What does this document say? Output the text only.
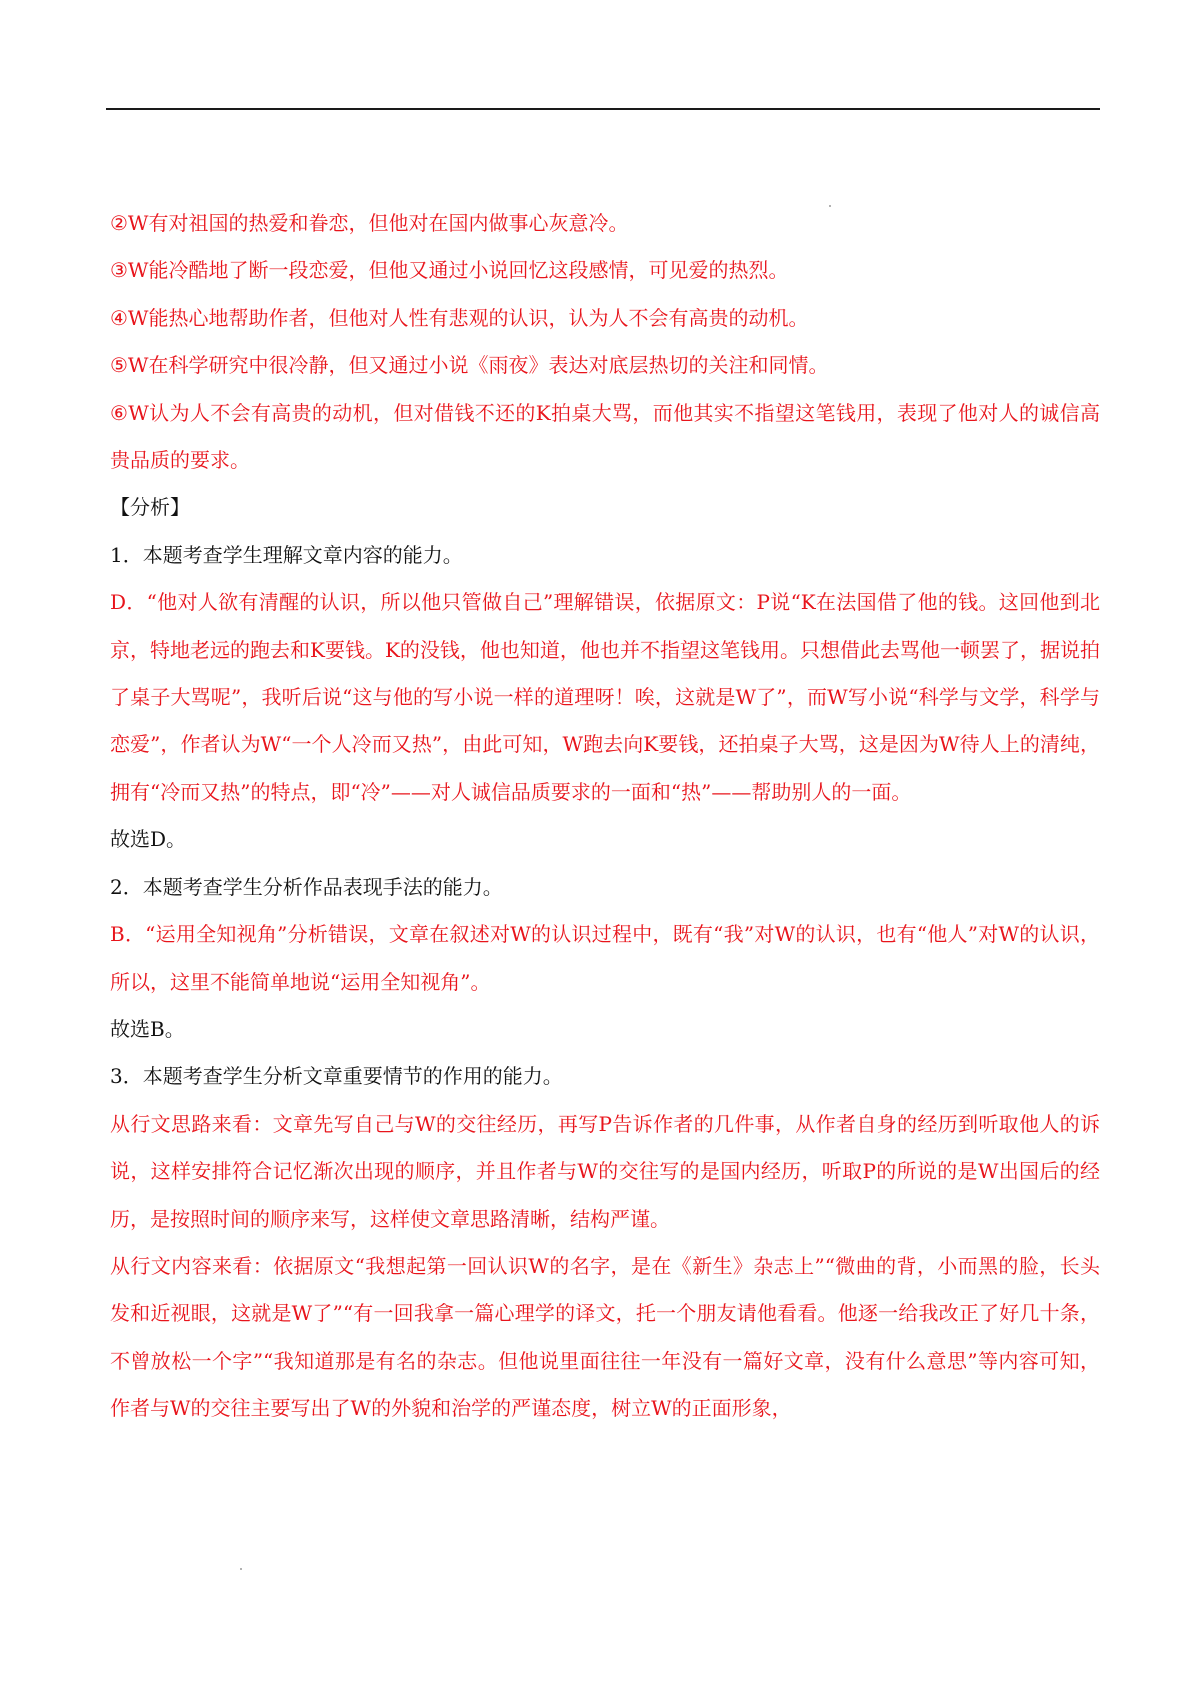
②W有对祖国的热爱和眷恋，但他对在国内做事心灰意冷。

③W能冷酷地了断一段恋爱，但他又通过小说回忆这段感情，可见爱的热烈。

④W能热心地帮助作者，但他对人性有悲观的认识，认为人不会有高贵的动机。

⑤W在科学研究中很冷静，但又通过小说《雨夜》表达对底层热切的关注和同情。

⑥W认为人不会有高贵的动机，但对借钱不还的K拍桌大骂，而他其实不指望这笔钱用，表现了他对人的诚信高贵品质的要求。

【分析】

1．本题考查学生理解文章内容的能力。

D．“他对人欲有清醒的认识，所以他只管做自己”理解错误，依据原文：P说“K在法国借了他的钱。这回他到北京，特地老远的跑去和K要钱。K的没钱，他也知道，他也并不指望这笔钱用。只想借此去骂他一顿罢了，据说拍了桌子大骂呢”，我听后说“这与他的写小说一样的道理呀！唉，这就是W了”，而W写小说“科学与文学，科学与恋爱”，作者认为W“一个人冷而又热”，由此可知，W跑去向K要钱，还拍桌子大骂，这是因为W待人上的清纯，拥有“冷而又热”的特点，即“冷”——对人诚信品质要求的一面和“热”——帮助别人的一面。

故选D。

2．本题考查学生分析作品表现手法的能力。

B．“运用全知视角”分析错误，文章在叙述对W的认识过程中，既有“我”对W的认识，也有“他人”对W的认识，所以，这里不能简单地说“运用全知视角”。

故选B。

3．本题考查学生分析文章重要情节的作用的能力。

从行文思路来看：文章先写自己与W的交往经历，再写P告诉作者的几件事，从作者自身的经历到听取他人的诉说，这样安排符合记忆渐次出现的顺序，并且作者与W的交往写的是国内经历，听取P的所说的是W出国后的经历，是按照时间的顺序来写，这样使文章思路清晰，结构严谨。

从行文内容来看：依据原文“我想起第一回认识W的名字，是在《新生》杂志上”“微曲的背，小而黑的脸，长头发和近视眼，这就是W了”“有一回我拿一篇心理学的译文，托一个朋友请他看看。他逐一给我改正了好几十条，不曾放松一个字”“我知道那是有名的杂志。但他说里面往往一年没有一篇好文章，没有什么意思”等内容可知，作者与W的交往主要写出了W的外貌和治学的严谨态度，树立W的正面形象，
